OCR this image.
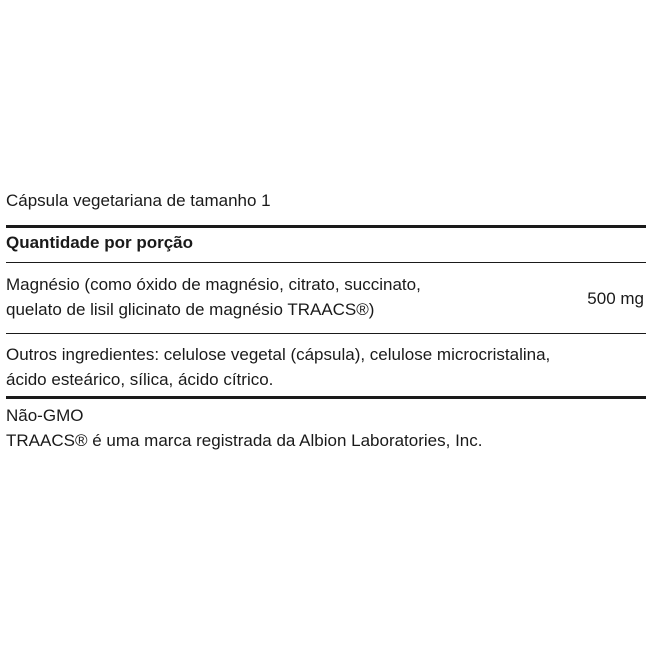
Cápsula vegetariana de tamanho 1
Quantidade por porção
Magnésio (como óxido de magnésio, citrato, succinato,
quelato de lisil glicinato de magnésio TRAACS®)
500 mg
Outros ingredientes: celulose vegetal (cápsula), celulose microcristalina,
ácido esteárico, sílica, ácido cítrico.
Não-GMO
TRAACS® é uma marca registrada da Albion Laboratories, Inc.
